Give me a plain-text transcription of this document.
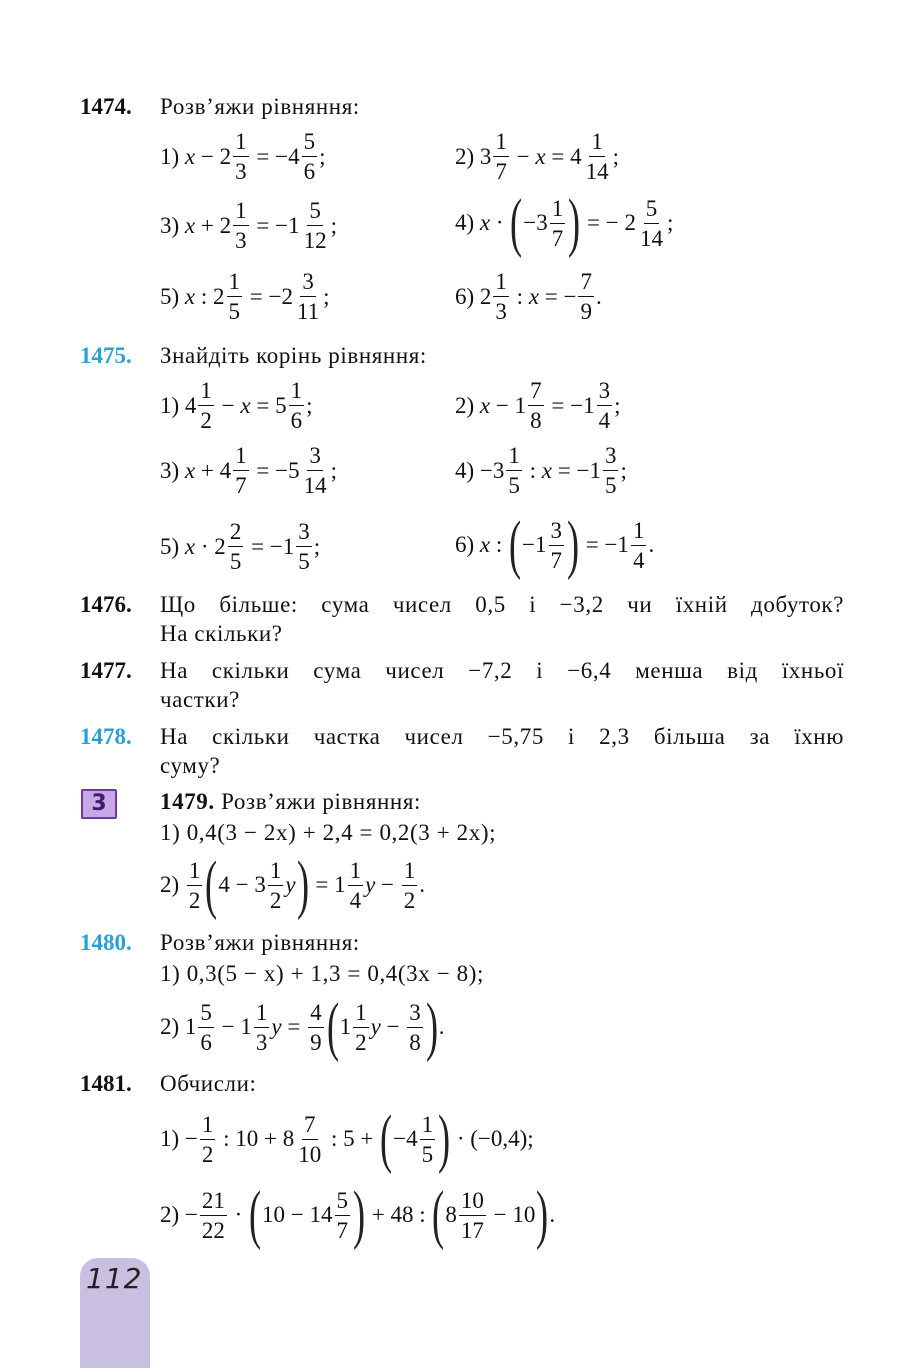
1474. Розв’яжи рівняння:
1) $x - 2 \frac{1}{3} = -4 \frac{5}{6}$ ;	2) $3 \frac{1}{7} - x = 4 \frac{1}{14}$ ;
3) $x + 2 \frac{1}{3} = -1 \frac{5}{12}$ ;	4) x · ( $-3 \frac{1}{7}$ ) = − $2 \frac{5}{14}$ ;
5) x : $2 \frac{1}{5} = -2 \frac{3}{11}$ ;	6) $2 \frac{1}{3}$ : x = − $\frac{7}{9}$ .
1475. Знайдіть корінь рівняння:
1) $4 \frac{1}{2} - x = 5 \frac{1}{6}$ ;	2) $x - 1 \frac{7}{8} = -1 \frac{3}{4}$ ;
3) $x + 4 \frac{1}{7} = -5 \frac{3}{14}$ ;	$4) -3 \frac{1}{5}$ : $x = -1 \frac{3}{5}$ ;
5) $x \cdot 2 \frac{2}{5} = -1 \frac{3}{5}$ ;	6) x : ( $-1 \frac{3}{7}$ ) = $-1 \frac{1}{4}$ .
1476. Що більше: сума чисел 0,5 і −3,2 чи їхній добуток?
На скільки?
1477. На скільки сума чисел −7,2 і −6,4 менша від їхньої
частки?
1478. На скільки частка чисел −5,75 і 2,3 більша за їхню
суму?
3	1479. Розв’яжи рівняння:
1) 0,4(3 − 2x) + 2,4 = 0,2(3 + 2x);
$2) \frac{1}{2}$ ( $4 - 3 \frac{1}{2}$ y ) = $1 \frac{1}{4}$ $y - \frac{1}{2}$ .
1480. Розв’яжи рівняння:
1) 0,3(5 − x) + 1,3 = 0,4(3x − 8);
2) $1 \frac{5}{6} - 1 \frac{1}{3}$ $y = \frac{4}{9}$ ( $1 \frac{1}{2}$ $y - \frac{3}{8}$ ) .
1481. Обчисли:
$1) - \frac{1}{2}$ : $10 + 8 \frac{7}{10}$ : 5 + ( $-4 \frac{1}{5}$ ) · (−0,4);
$2) - \frac{21}{22}$ · ( $10 - 14 \frac{5}{7}$ ) + 48 : ( $8 \frac{10}{17} - 10$ ) .
112
